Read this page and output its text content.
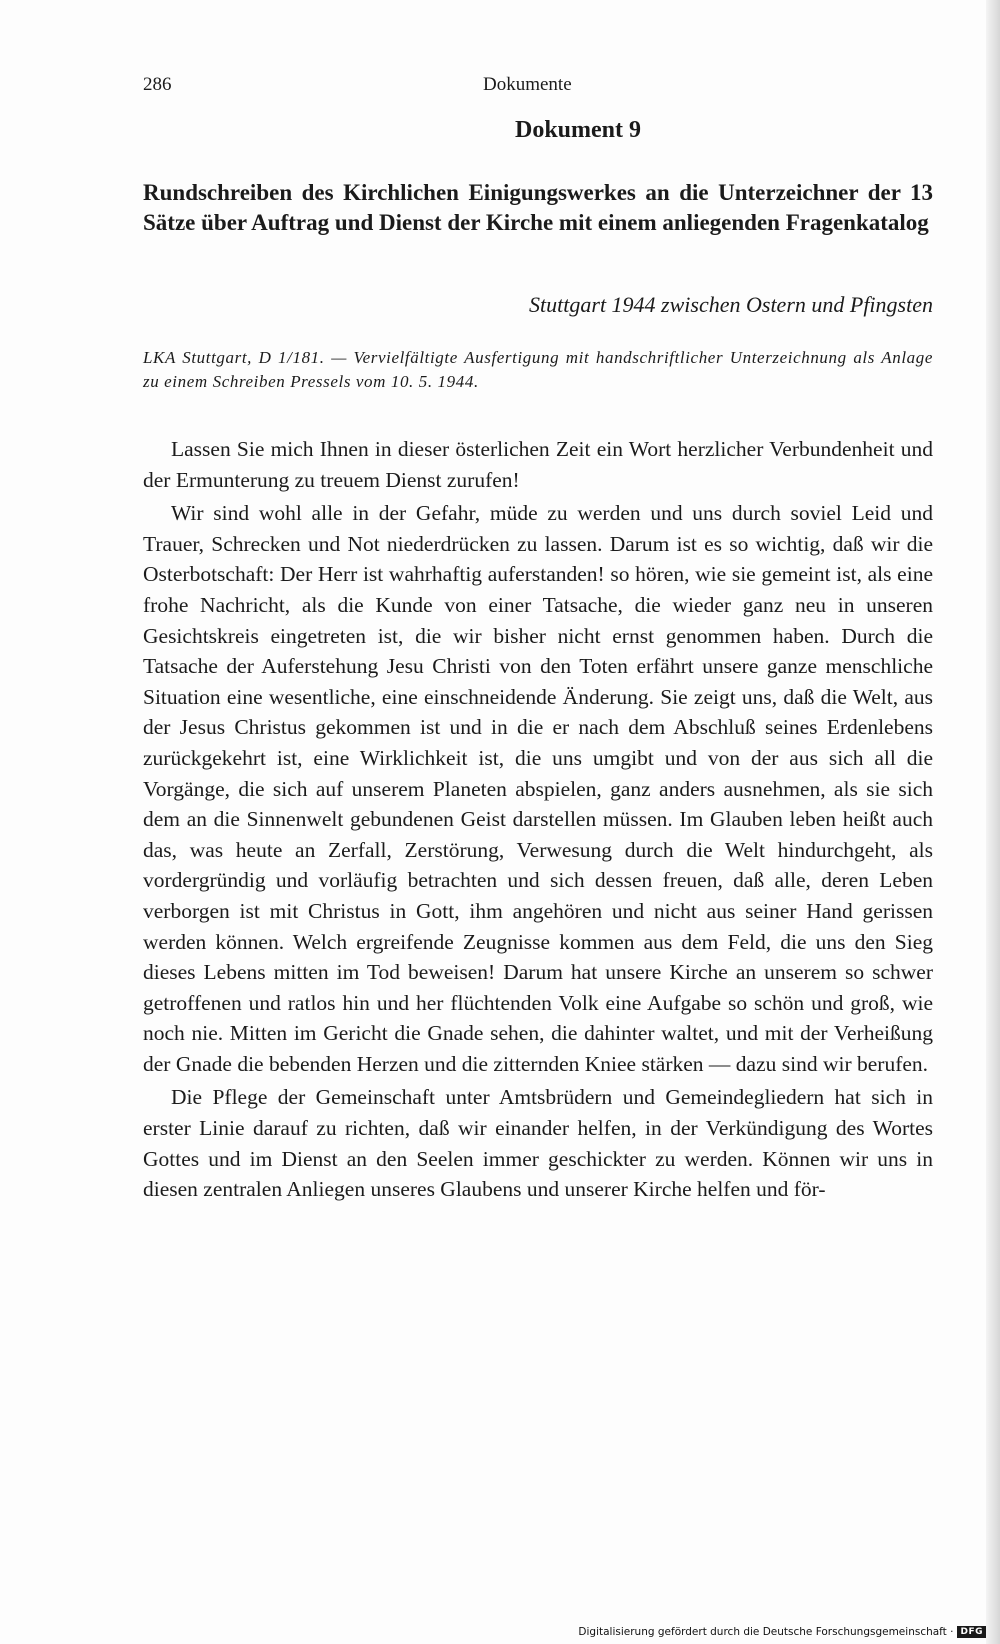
286	Dokumente
Dokument 9
Rundschreiben des Kirchlichen Einigungswerkes an die Unterzeichner der 13 Sätze über Auftrag und Dienst der Kirche mit einem anliegenden Fragenkatalog
Stuttgart 1944 zwischen Ostern und Pfingsten

LKA Stuttgart, D 1/181. — Vervielfältigte Ausfertigung mit handschriftlicher Unterzeichnung als Anlage zu einem Schreiben Pressels vom 10. 5. 1944.

Lassen Sie mich Ihnen in dieser österlichen Zeit ein Wort herzlicher Verbundenheit und der Ermunterung zu treuem Dienst zurufen!

Wir sind wohl alle in der Gefahr, müde zu werden und uns durch soviel Leid und Trauer, Schrecken und Not niederdrücken zu lassen. Darum ist es so wichtig, daß wir die Osterbotschaft: Der Herr ist wahrhaftig auferstanden! so hören, wie sie gemeint ist, als eine frohe Nachricht, als die Kunde von einer Tatsache, die wieder ganz neu in unseren Gesichtskreis eingetreten ist, die wir bisher nicht ernst genommen haben. Durch die Tatsache der Auferstehung Jesu Christi von den Toten erfährt unsere ganze menschliche Situation eine wesentliche, eine einschneidende Änderung. Sie zeigt uns, daß die Welt, aus der Jesus Christus gekommen ist und in die er nach dem Abschluß seines Erdenlebens zurückgekehrt ist, eine Wirklichkeit ist, die uns umgibt und von der aus sich all die Vorgänge, die sich auf unserem Planeten abspielen, ganz anders ausnehmen, als sie sich dem an die Sinnenwelt gebundenen Geist darstellen müssen. Im Glauben leben heißt auch das, was heute an Zerfall, Zerstörung, Verwesung durch die Welt hindurchgeht, als vordergründig und vorläufig betrachten und sich dessen freuen, daß alle, deren Leben verborgen ist mit Christus in Gott, ihm angehören und nicht aus seiner Hand gerissen werden können. Welch ergreifende Zeugnisse kommen aus dem Feld, die uns den Sieg dieses Lebens mitten im Tod beweisen! Darum hat unsere Kirche an unserem so schwer getroffenen und ratlos hin und her flüchtenden Volk eine Aufgabe so schön und groß, wie noch nie. Mitten im Gericht die Gnade sehen, die dahinter waltet, und mit der Verheißung der Gnade die bebenden Herzen und die zitternden Kniee stärken — dazu sind wir berufen.

Die Pflege der Gemeinschaft unter Amtsbrüdern und Gemeindegliedern hat sich in erster Linie darauf zu richten, daß wir einander helfen, in der Verkündigung des Wortes Gottes und im Dienst an den Seelen immer geschickter zu werden. Können wir uns in diesen zentralen Anliegen unseres Glaubens und unserer Kirche helfen und för-

Digitalisierung gefördert durch die Deutsche Forschungsgemeinschaft · DFG
